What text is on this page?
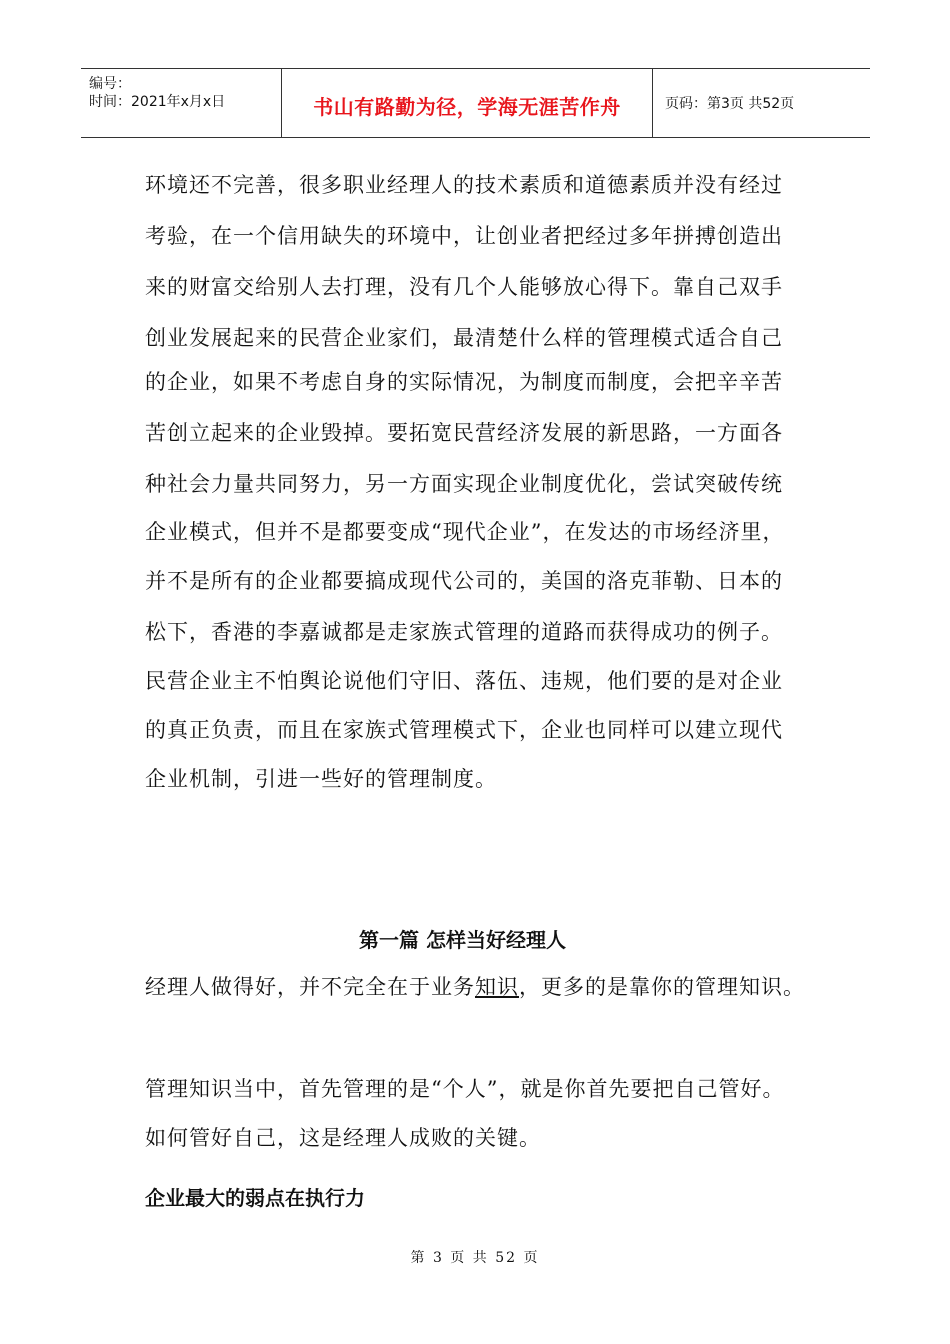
编号：
时间：2021年x月x日	书山有路勤为径，学海无涯苦作舟	页码：第3页 共52页
环境还不完善，很多职业经理人的技术素质和道德素质并没有经过
考验，在一个信用缺失的环境中，让创业者把经过多年拼搏创造出
来的财富交给别人去打理，没有几个人能够放心得下。靠自己双手
创业发展起来的民营企业家们，最清楚什么样的管理模式适合自己
的企业，如果不考虑自身的实际情况，为制度而制度，会把辛辛苦
苦创立起来的企业毁掉。要拓宽民营经济发展的新思路，一方面各
种社会力量共同努力，另一方面实现企业制度优化，尝试突破传统
企业模式，但并不是都要变成“现代企业”，在发达的市场经济里，
并不是所有的企业都要搞成现代公司的，美国的洛克菲勒、日本的
松下，香港的李嘉诚都是走家族式管理的道路而获得成功的例子。
民营企业主不怕舆论说他们守旧、落伍、违规，他们要的是对企业
的真正负责，而且在家族式管理模式下，企业也同样可以建立现代
企业机制，引进一些好的管理制度。
第一篇 怎样当好经理人
经理人做得好，并不完全在于业务知识，更多的是靠你的管理知识。
管理知识当中，首先管理的是“个人”，就是你首先要把自己管好。
如何管好自己，这是经理人成败的关键。
企业最大的弱点在执行力
第 3 页 共 52 页
